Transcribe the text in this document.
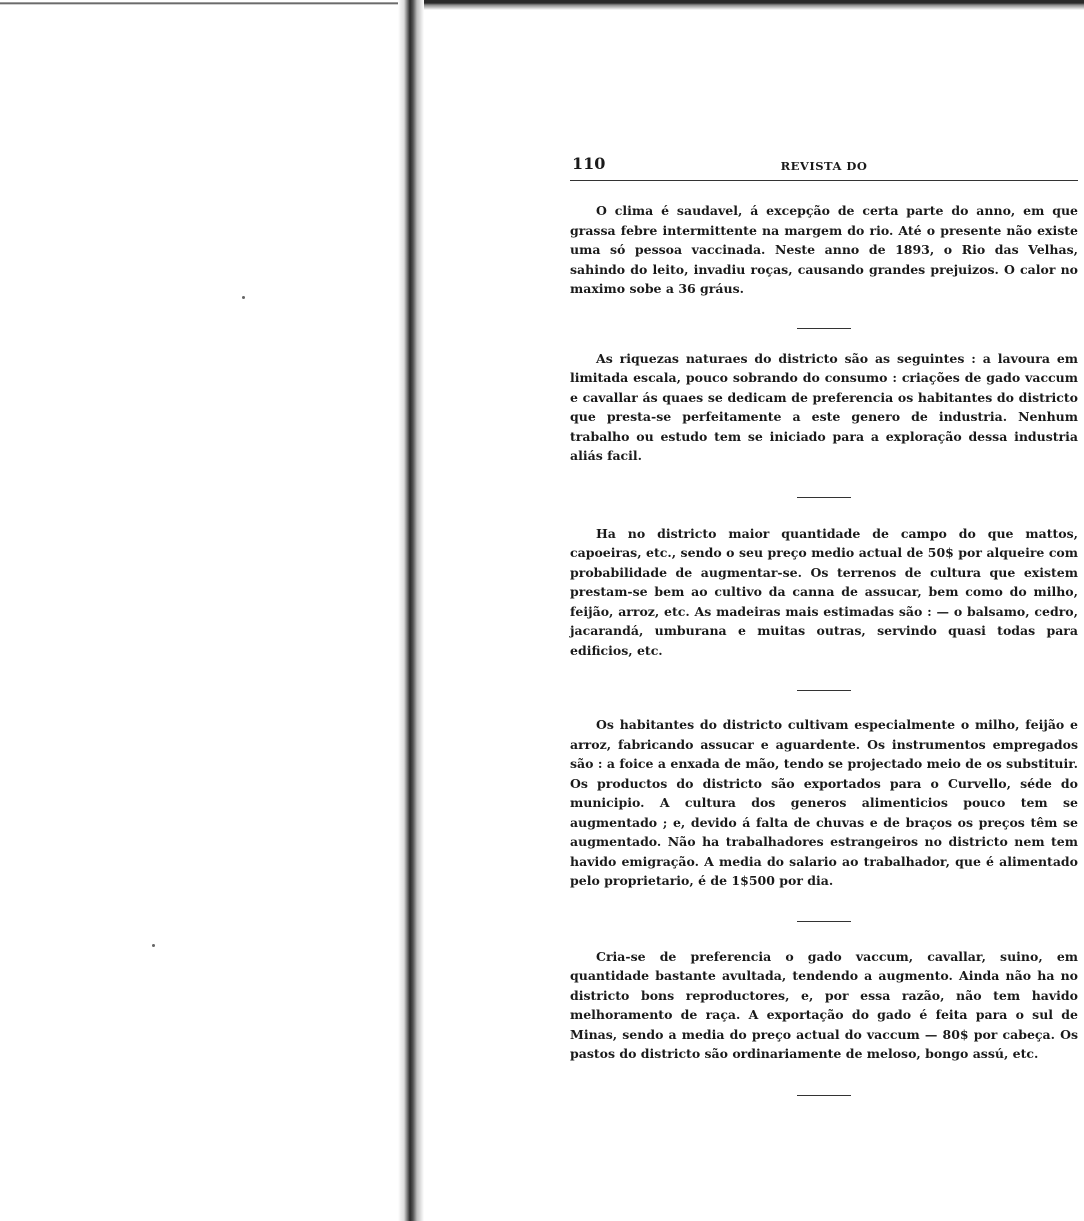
110	REVISTA DO

O clima é saudavel, á excepção de certa parte do anno, em que grassa febre intermittente na margem do rio. Até o presente não existe uma só pessoa vaccinada. Neste anno de 1893, o Rio das Velhas, sahindo do leito, invadiu roças, causando grandes prejuizos. O calor no maximo sobe a 36 gráus.

As riquezas naturaes do districto são as seguintes : a lavoura em limitada escala, pouco sobrando do consumo : criações de gado vaccum e cavallar ás quaes se dedicam de preferencia os habitantes do districto que presta-se perfeitamente a este genero de industria. Nenhum trabalho ou estudo tem se iniciado para a exploração dessa industria aliás facil.

Ha no districto maior quantidade de campo do que mattos, capoeiras, etc., sendo o seu preço medio actual de 50$ por alqueire com probabilidade de augmentar-se. Os terrenos de cultura que existem prestam-se bem ao cultivo da canna de assucar, bem como do milho, feijão, arroz, etc. As madeiras mais estimadas são : — o balsamo, cedro, jacarandá, umburana e muitas outras, servindo quasi todas para edificios, etc.

Os habitantes do districto cultivam especialmente o milho, feijão e arroz, fabricando assucar e aguardente. Os instrumentos empregados são : a foice a enxada de mão, tendo se projectado meio de os substituir. Os productos do districto são exportados para o Curvello, séde do municipio. A cultura dos generos alimenticios pouco tem se augmentado ; e, devido á falta de chuvas e de braços os preços têm se augmentado. Não ha trabalhadores estrangeiros no districto nem tem havido emigração. A media do salario ao trabalhador, que é alimentado pelo proprietario, é de 1$500 por dia.

Cria-se de preferencia o gado vaccum, cavallar, suino, em quantidade bastante avultada, tendendo a augmento. Ainda não ha no districto bons reproductores, e, por essa razão, não tem havido melhoramento de raça. A exportação do gado é feita para o sul de Minas, sendo a media do preço actual do vaccum — 80$ por cabeça. Os pastos do districto são ordinariamente de meloso, bongo assú, etc.
